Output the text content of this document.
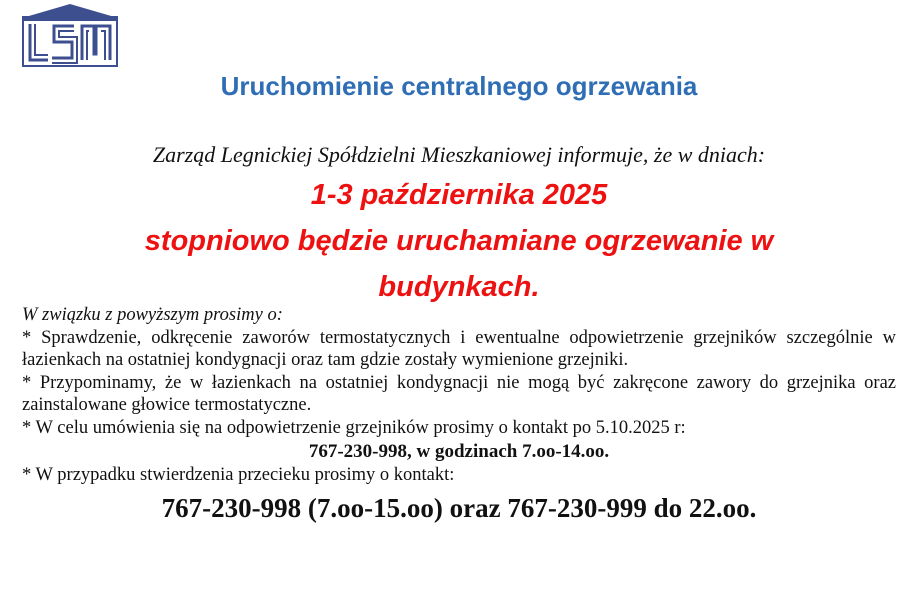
Uruchomienie centralnego ogrzewania
Zarząd Legnickiej Spółdzielni Mieszkaniowej informuje, że w dniach:
1-3 października 2025
stopniowo będzie uruchamiane ogrzewanie w
budynkach.
W związku z powyższym prosimy o:
* Sprawdzenie, odkręcenie zaworów termostatycznych i ewentualne odpowietrzenie grzejników szczególnie w łazienkach na ostatniej kondygnacji oraz tam gdzie zostały wymienione grzejniki.
* Przypominamy, że w łazienkach na ostatniej kondygnacji nie mogą być zakręcone zawory do grzejnika oraz zainstalowane głowice termostatyczne.
* W celu umówienia się na odpowietrzenie grzejników prosimy o kontakt po 5.10.2025 r:
767-230-998, w godzinach 7.oo-14.oo.
* W przypadku stwierdzenia przecieku prosimy o kontakt:
767-230-998 (7.oo-15.oo) oraz 767-230-999 do 22.oo.
